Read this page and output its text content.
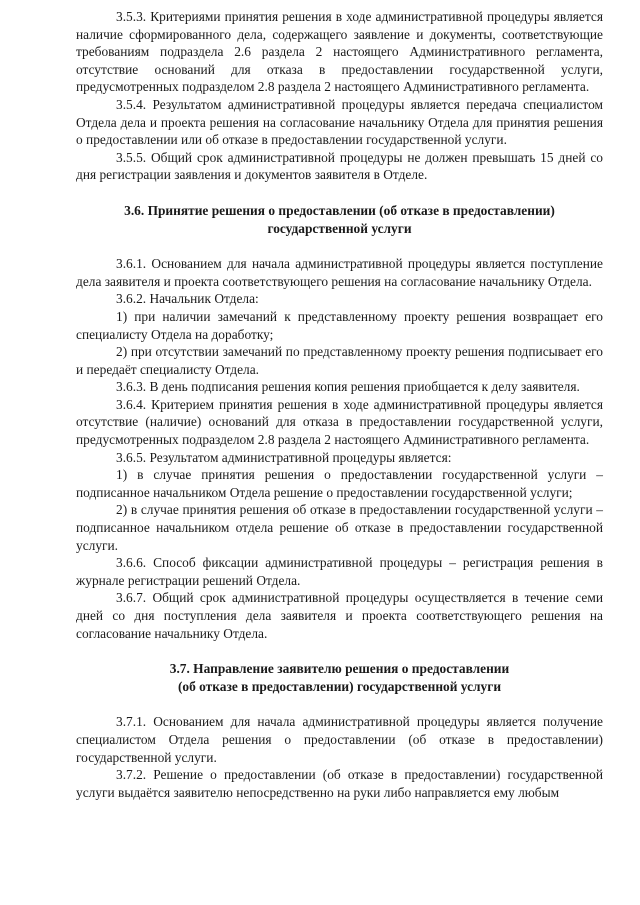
3.5.3. Критериями принятия решения в ходе административной процедуры является наличие сформированного дела, содержащего заявление и документы, соответствующие требованиям подраздела 2.6 раздела 2 настоящего Административного регламента, отсутствие оснований для отказа в предоставлении государственной услуги, предусмотренных подразделом 2.8 раздела 2 настоящего Административного регламента.

3.5.4. Результатом административной процедуры является передача специалистом Отдела дела и проекта решения на согласование начальнику Отдела для принятия решения о предоставлении или об отказе в предоставлении государственной услуги.

3.5.5. Общий срок административной процедуры не должен превышать 15 дней со дня регистрации заявления и документов заявителя в Отделе.

3.6. Принятие решения о предоставлении (об отказе в предоставлении)

государственной услуги

3.6.1. Основанием для начала административной процедуры является поступление дела заявителя и проекта соответствующего решения на согласование начальнику Отдела.

3.6.2. Начальник Отдела:

1) при наличии замечаний к представленному проекту решения возвращает его специалисту Отдела на доработку;

2) при отсутствии замечаний по представленному проекту решения подписывает его и передаёт специалисту Отдела.

3.6.3. В день подписания решения копия решения приобщается к делу заявителя.

3.6.4. Критерием принятия решения в ходе административной процедуры является отсутствие (наличие) оснований для отказа в предоставлении государственной услуги, предусмотренных подразделом 2.8 раздела 2 настоящего Административного регламента.

3.6.5. Результатом административной процедуры является:

1) в случае принятия решения о предоставлении государственной услуги – подписанное начальником Отдела решение о предоставлении государственной услуги;

2) в случае принятия решения об отказе в предоставлении государственной услуги – подписанное начальником отдела решение об отказе в предоставлении государственной услуги.

3.6.6. Способ фиксации административной процедуры – регистрация решения в журнале регистрации решений Отдела.

3.6.7. Общий срок административной процедуры осуществляется в течение семи дней со дня поступления дела заявителя и проекта соответствующего решения на согласование начальнику Отдела.

3.7. Направление заявителю решения о предоставлении

(об отказе в предоставлении) государственной услуги

3.7.1. Основанием для начала административной процедуры является получение специалистом Отдела решения о предоставлении (об отказе в предоставлении) государственной услуги.

3.7.2. Решение о предоставлении (об отказе в предоставлении) государственной услуги выдаётся заявителю непосредственно на руки либо направляется ему любым
